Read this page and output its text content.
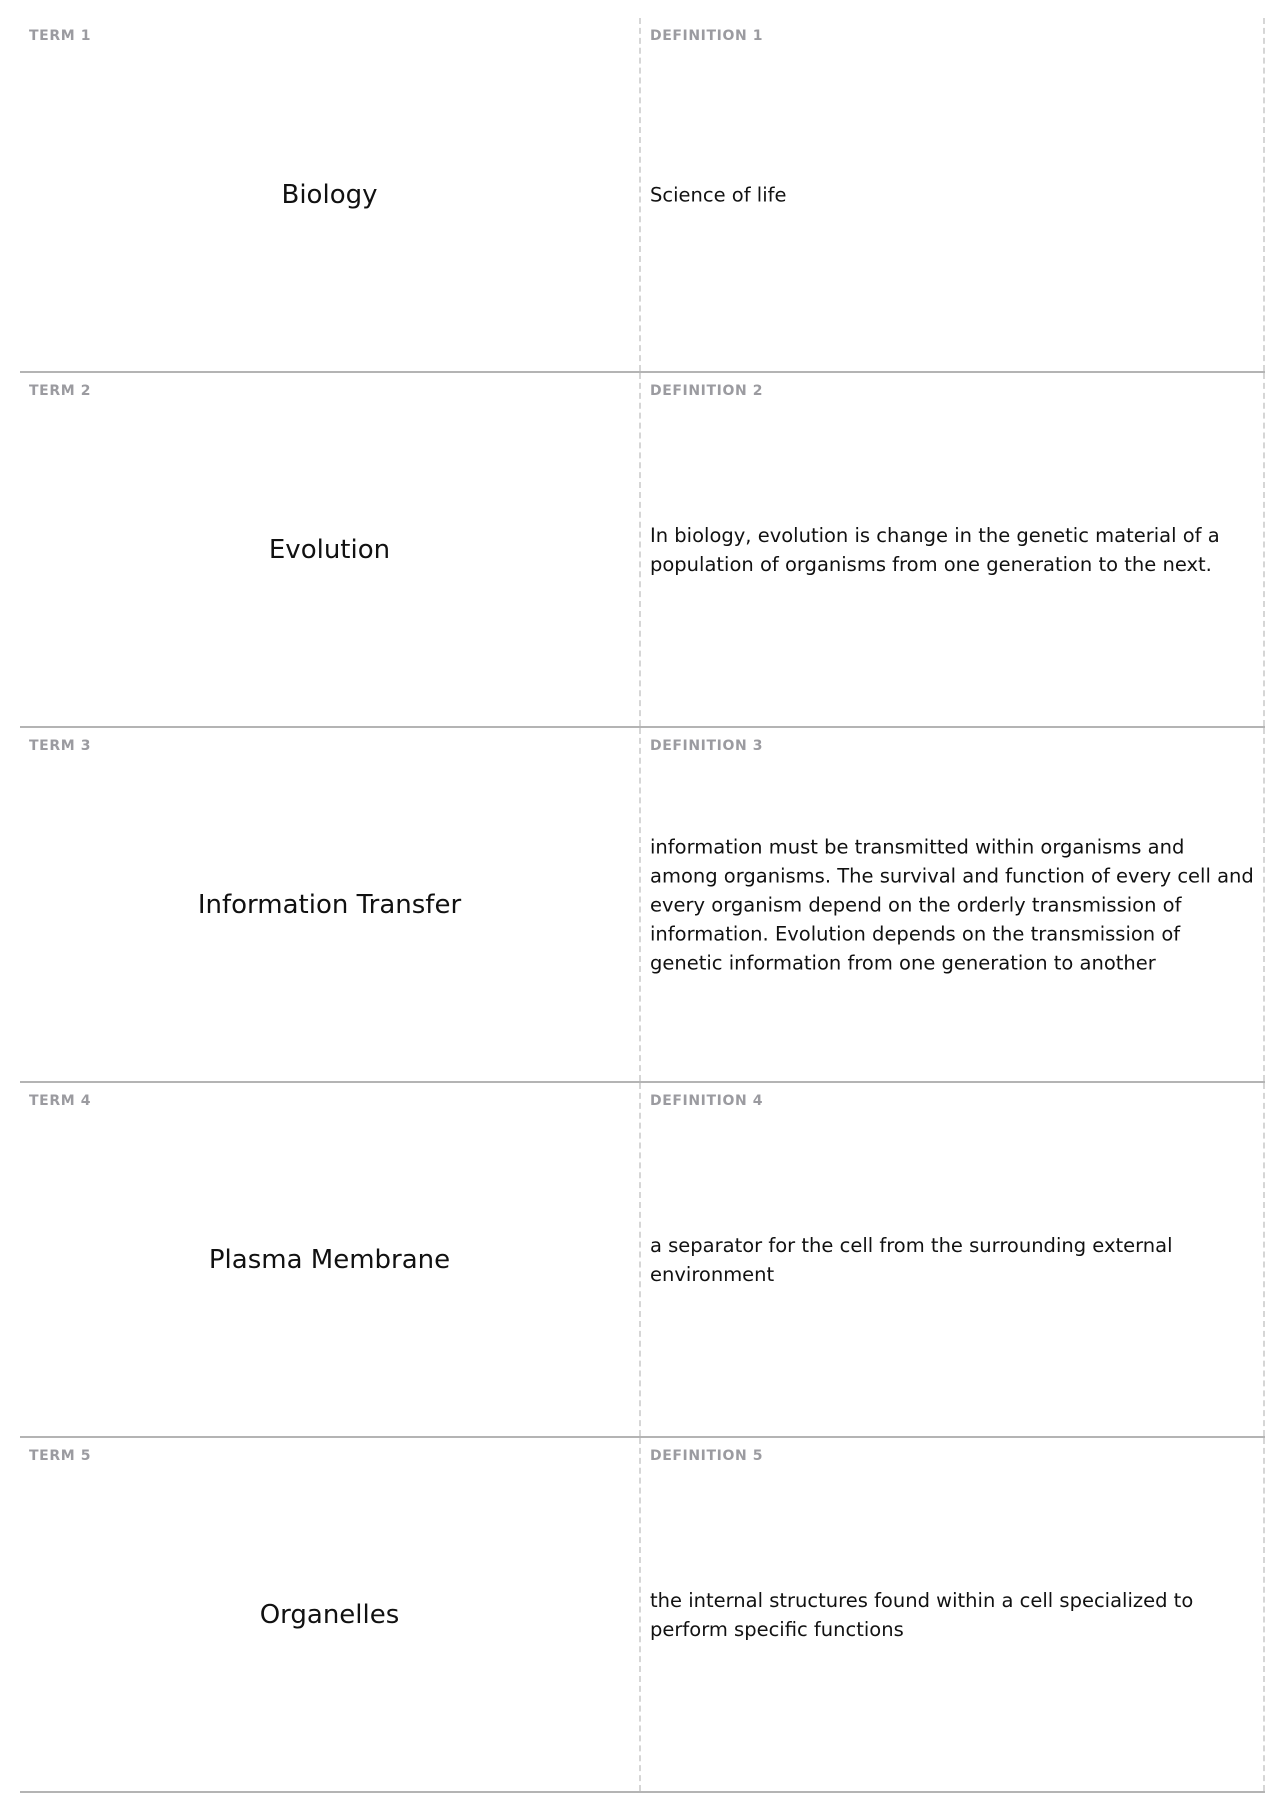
TERM 1
Biology
DEFINITION 1
Science of life
TERM 2
Evolution
DEFINITION 2
In biology, evolution is change in the genetic material of a population of organisms from one generation to the next.
TERM 3
Information Transfer
DEFINITION 3
information must be transmitted within organisms and among organisms. The survival and function of every cell and every organism depend on the orderly transmission of information. Evolution depends on the transmission of genetic information from one generation to another
TERM 4
Plasma Membrane
DEFINITION 4
a separator for the cell from the surrounding external environment
TERM 5
Organelles
DEFINITION 5
the internal structures found within a cell specialized to perform specific functions
